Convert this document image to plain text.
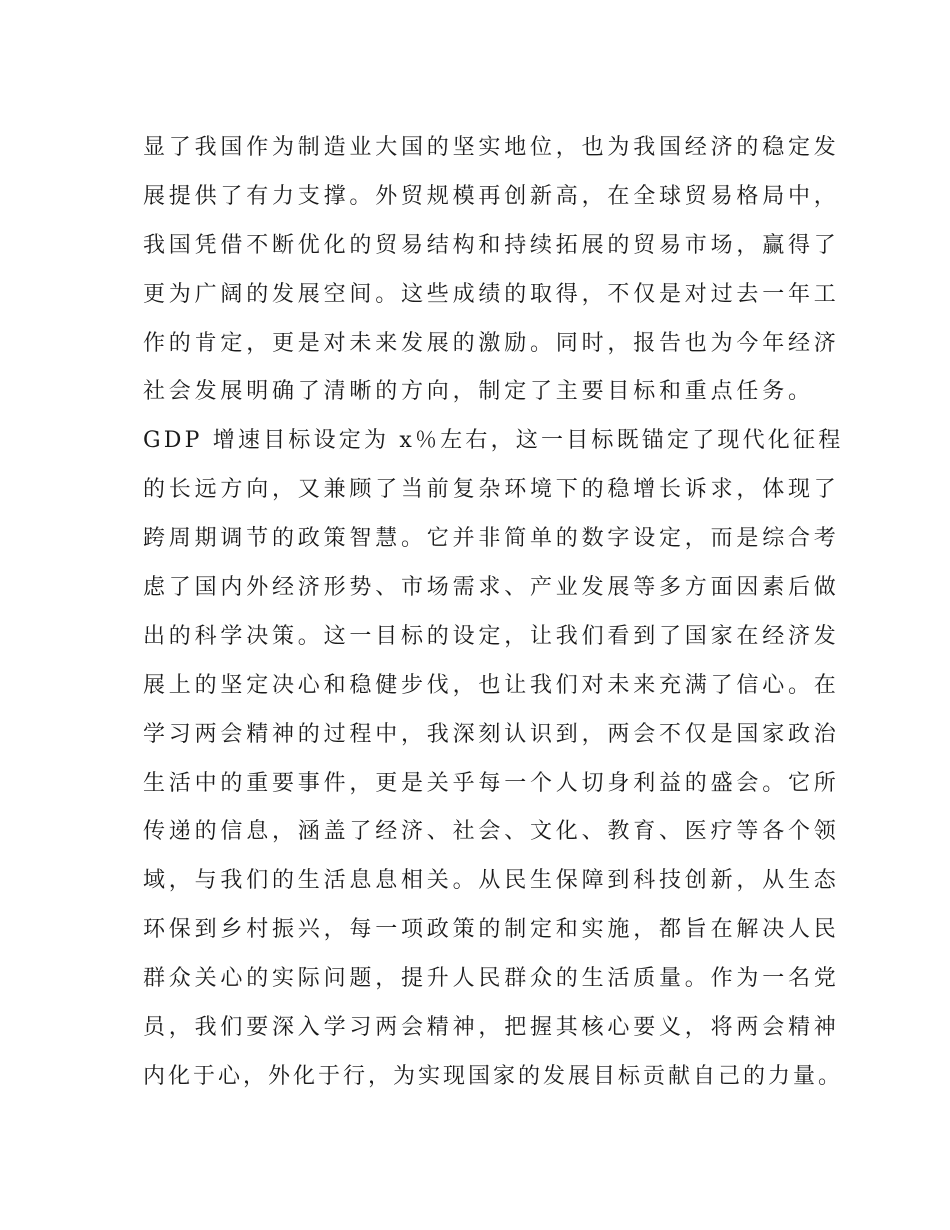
显了我国作为制造业大国的坚实地位，也为我国经济的稳定发
展提供了有力支撑。外贸规模再创新高，在全球贸易格局中，
我国凭借不断优化的贸易结构和持续拓展的贸易市场，赢得了
更为广阔的发展空间。这些成绩的取得，不仅是对过去一年工
作的肯定，更是对未来发展的激励。同时，报告也为今年经济
社会发展明确了清晰的方向，制定了主要目标和重点任务。
GDP 增速目标设定为 x％左右，这一目标既锚定了现代化征程
的长远方向，又兼顾了当前复杂环境下的稳增长诉求，体现了
跨周期调节的政策智慧。它并非简单的数字设定，而是综合考
虑了国内外经济形势、市场需求、产业发展等多方面因素后做
出的科学决策。这一目标的设定，让我们看到了国家在经济发
展上的坚定决心和稳健步伐，也让我们对未来充满了信心。在
学习两会精神的过程中，我深刻认识到，两会不仅是国家政治
生活中的重要事件，更是关乎每一个人切身利益的盛会。它所
传递的信息，涵盖了经济、社会、文化、教育、医疗等各个领
域，与我们的生活息息相关。从民生保障到科技创新，从生态
环保到乡村振兴，每一项政策的制定和实施，都旨在解决人民
群众关心的实际问题，提升人民群众的生活质量。作为一名党
员，我们要深入学习两会精神，把握其核心要义，将两会精神
内化于心，外化于行，为实现国家的发展目标贡献自己的力量。
